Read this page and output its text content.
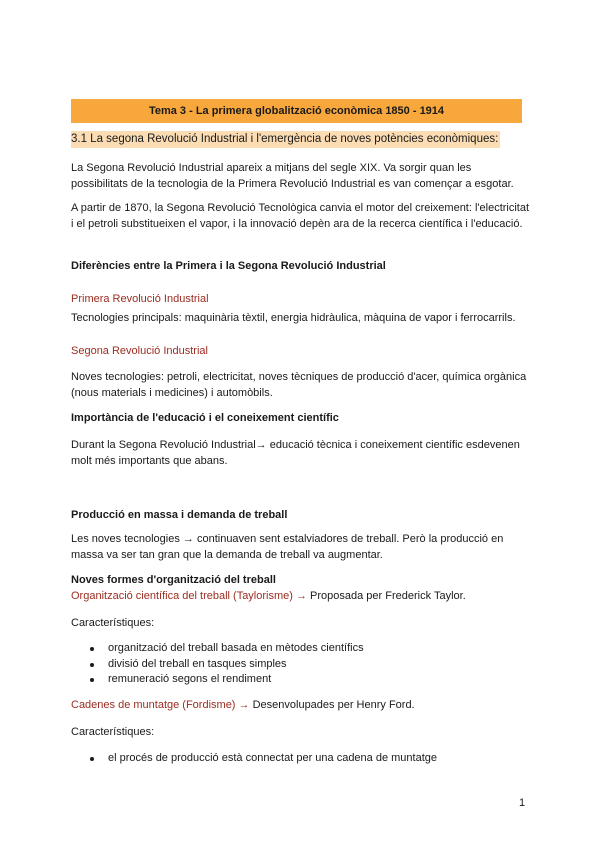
Tema 3 - La primera globalització econòmica 1850 - 1914
3.1 La segona Revolució Industrial i l'emergència de noves potències econòmiques:
La Segona Revolució Industrial apareix a mitjans del segle XIX. Va sorgir quan les possibilitats de la tecnologia de la Primera Revolució Industrial es van començar a esgotar.
A partir de 1870, la Segona Revolució Tecnològica canvia el motor del creixement: l'electricitat i el petroli substitueixen el vapor, i la innovació depèn ara de la recerca científica i l'educació.
Diferències entre la Primera i la Segona Revolució Industrial
Primera Revolució Industrial
Tecnologies principals: maquinària tèxtil, energia hidràulica, màquina de vapor i ferrocarrils.
Segona Revolució Industrial
Noves tecnologies: petroli, electricitat, noves tècniques de producció d'acer, química orgànica (nous materials i medicines) i automòbils.
Importància de l'educació i el coneixement científic
Durant la Segona Revolució Industrial→ educació tècnica i coneixement científic esdevenen molt més importants que abans.
Producció en massa i demanda de treball
Les noves tecnologies → continuaven sent estalviadores de treball. Però la producció en massa va ser tan gran que la demanda de treball va augmentar.
Noves formes d'organització del treball
Organització científica del treball (Taylorisme) → Proposada per Frederick Taylor.
Característiques:
organització del treball basada en mètodes científics
divisió del treball en tasques simples
remuneració segons el rendiment
Cadenes de muntatge (Fordisme) → Desenvolupades per Henry Ford.
Característiques:
el procés de producció està connectat per una cadena de muntatge
1
